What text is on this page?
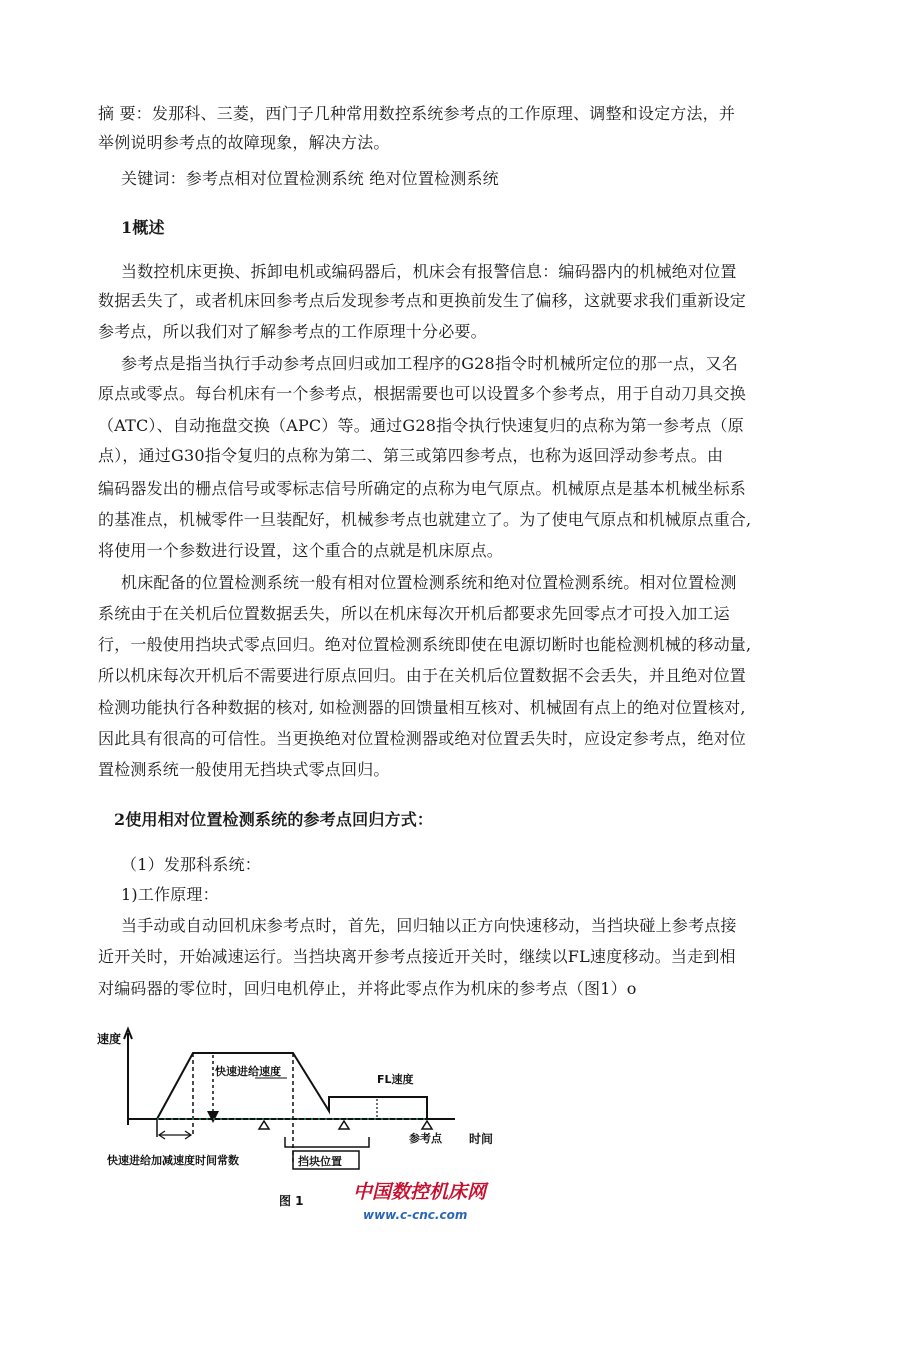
摘 要：发那科、三菱，西门子几种常用数控系统参考点的工作原理、调整和设定方法，并

举例说明参考点的故障现象，解决方法。

关键词：参考点相对位置检测系统 绝对位置检测系统

1概述

当数控机床更换、拆卸电机或编码器后，机床会有报警信息：编码器内的机械绝对位置

数据丢失了，或者机床回参考点后发现参考点和更换前发生了偏移，这就要求我们重新设定

参考点，所以我们对了解参考点的工作原理十分必要。

参考点是指当执行手动参考点回归或加工程序的G28指令时机械所定位的那一点，又名

原点或零点。每台机床有一个参考点，根据需要也可以设置多个参考点，用于自动刀具交换

（ATC）、自动拖盘交换（APC）等。通过G28指令执行快速复归的点称为第一参考点（原

点），通过G30指令复归的点称为第二、第三或第四参考点，也称为返回浮动参考点。由

编码器发出的栅点信号或零标志信号所确定的点称为电气原点。机械原点是基本机械坐标系

的基准点，机械零件一旦装配好，机械参考点也就建立了。为了使电气原点和机械原点重合,

将使用一个参数进行设置，这个重合的点就是机床原点。

机床配备的位置检测系统一般有相对位置检测系统和绝对位置检测系统。相对位置检测

系统由于在关机后位置数据丢失，所以在机床每次开机后都要求先回零点才可投入加工运

行，一般使用挡块式零点回归。绝对位置检测系统即使在电源切断时也能检测机械的移动量,

所以机床每次开机后不需要进行原点回归。由于在关机后位置数据不会丢失，并且绝对位置

检测功能执行各种数据的核对, 如检测器的回馈量相互核对、机械固有点上的绝对位置核对,

因此具有很高的可信性。当更换绝对位置检测器或绝对位置丢失时，应设定参考点，绝对位

置检测系统一般使用无挡块式零点回归。

2使用相对位置检测系统的参考点回归方式：

（1）发那科系统：

1)工作原理：

当手动或自动回机床参考点时，首先，回归轴以正方向快速移动，当挡块碰上参考点接

近开关时，开始减速运行。当挡块离开参考点接近开关时，继续以FL速度移动。当走到相

对编码器的零位时，回归电机停止，并将此零点作为机床的参考点（图1）o

速度
时间
快速进给速度
FL速度
参考点
快速进给加减速度时间常数	挡块位置
图 1	中国数控机床网
www.c-cnc.com
